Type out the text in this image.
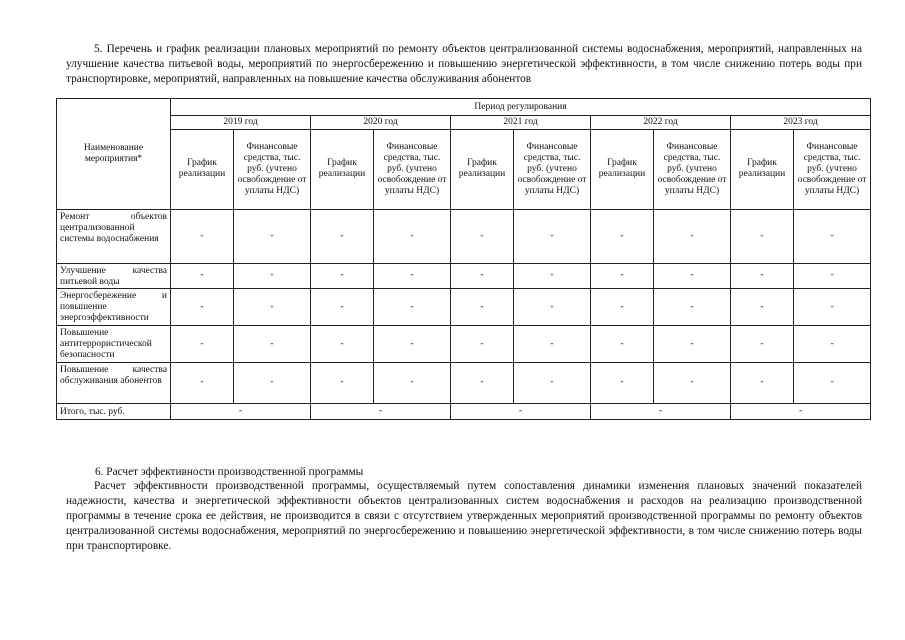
5. Перечень и график реализации плановых мероприятий по ремонту объектов централизованной системы водоснабжения, мероприятий, направленных на улучшение качества питьевой воды, мероприятий по энергосбережению и повышению энергетической эффективности, в том числе снижению потерь воды при транспортировке, мероприятий, направленных на повышение качества обслуживания абонентов
Наименование мероприятия*	Период регулирования									
	2019 год		2020 год		2021 год		2022 год		2023 год	
	График реализации	Финансовые средства, тыс. руб. (учтено освобождение от уплаты НДС)	График реализации	Финансовые средства, тыс. руб. (учтено освобождение от уплаты НДС)	График реализации	Финансовые средства, тыс. руб. (учтено освобождение от уплаты НДС)	График реализации	Финансовые средства, тыс. руб. (учтено освобождение от уплаты НДС)	График реализации	Финансовые средства, тыс. руб. (учтено освобождение от уплаты НДС)
Ремонт объектов централизованной системы водоснабжения	-	-	-	-	-	-	-	-	-	-
Улучшение качества питьевой воды	-	-	-	-	-	-	-	-	-	-
Энергосбережение и повышение энергоэффективности	-	-	-	-	-	-	-	-	-	-
Повышение антитеррористической безопасности	-	-	-	-	-	-	-	-	-	-
Повышение качества обслуживания абонентов	-	-	-	-	-	-	-	-	-	-
Итого, тыс. руб.	-		-		-		-		-	
6. Расчет эффективности производственной программы
Расчет эффективности производственной программы, осуществляемый путем сопоставления динамики изменения плановых значений показателей надежности, качества и энергетической эффективности объектов централизованных систем водоснабжения и расходов на реализацию производственной программы в течение срока ее действия, не производится в связи с отсутствием утвержденных мероприятий производственной программы по ремонту объектов централизованной системы водоснабжения, мероприятий по энергосбережению и повышению энергетической эффективности, в том числе снижению потерь воды при транспортировке.
